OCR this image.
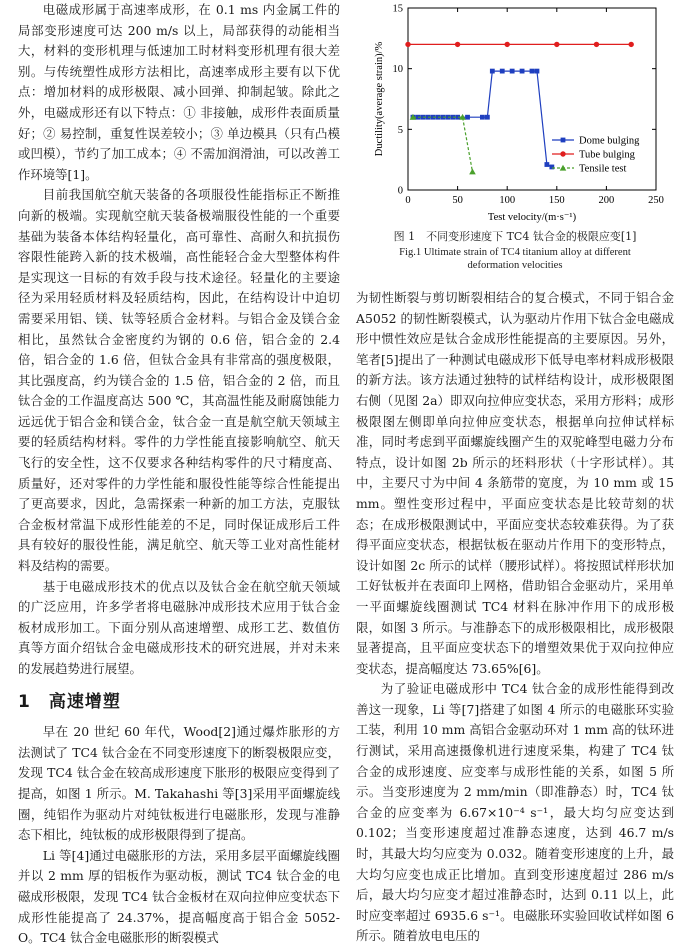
电磁成形属于高速率成形，在 0.1 ms 内金属工件的局部变形速度可达 200 m/s 以上，局部获得的动能相当大，材料的变形机理与低速加工时材料变形机理有很大差别。与传统塑性成形方法相比，高速率成形主要有以下优点：增加材料的成形极限、减小回弹、抑制起皱。除此之外，电磁成形还有以下特点：① 非接触，成形件表面质量好；② 易控制，重复性误差较小；③ 单边模具（只有凸模或凹模），节约了加工成本；④ 不需加润滑油，可以改善工作环境等[1]。

目前我国航空航天装备的各项服役性能指标正不断推向新的极端。实现航空航天装备极端服役性能的一个重要基础为装备本体结构轻量化，高可靠性、高耐久和抗损伤容限性能跨入新的技术极端，高性能轻合金大型整体构件是实现这一目标的有效手段与技术途径。轻量化的主要途径为采用轻质材料及轻质结构，因此，在结构设计中迫切需要采用铝、镁、钛等轻质合金材料。与铝合金及镁合金相比，虽然钛合金密度约为钢的 0.6 倍，铝合金的 2.4 倍，铝合金的 1.6 倍，但钛合金具有非常高的强度极限，其比强度高，约为镁合金的 1.5 倍，铝合金的 2 倍，而且钛合金的工作温度高达 500 ℃，其高温性能及耐腐蚀能力远远优于铝合金和镁合金，钛合金一直是航空航天领域主要的轻质结构材料。零件的力学性能直接影响航空、航天飞行的安全性，这不仅要求各种结构零件的尺寸精度高、质量好，还对零件的力学性能和服役性能等综合性能提出了更高要求，因此，急需探索一种新的加工方法，克服钛合金板材常温下成形性能差的不足，同时保证成形后工件具有较好的服役性能，满足航空、航天等工业对高性能材料及结构的需要。

基于电磁成形技术的优点以及钛合金在航空航天领域的广泛应用，许多学者将电磁脉冲成形技术应用于钛合金板材成形加工。下面分别从高速增塑、成形工艺、数值仿真等方面介绍钛合金电磁成形技术的研究进展，并对未来的发展趋势进行展望。

1 高速增塑

早在 20 世纪 60 年代，Wood[2]通过爆炸胀形的方法测试了 TC4 钛合金在不同变形速度下的断裂极限应变，发现 TC4 钛合金在较高成形速度下胀形的极限应变得到了提高，如图 1 所示。M. Takahashi 等[3]采用平面螺旋线圈，纯铝作为驱动片对纯钛板进行电磁胀形，发现与准静态下相比，纯钛板的成形极限得到了提高。

Li 等[4]通过电磁胀形的方法，采用多层平面螺旋线圈并以 2 mm 厚的铝板作为驱动板，测试 TC4 钛合金的电磁成形极限，发现 TC4 钛合金板材在双向拉伸应变状态下成形性能提高了 24.37%，提高幅度高于铝合金 5052-O。TC4 钛合金电磁胀形的断裂模式

0	50	100	150	200	250
0
5
10
15
Test velocity/(m·s⁻¹)
Ductility(average strain)/%	Dome bulging
Tube bulging
Tensile test
图 1　不同变形速度下 TC4 钛合金的极限应变[1]
Fig.1 Ultimate strain of TC4 titanium alloy at different
deformation velocities

为韧性断裂与剪切断裂相结合的复合模式，不同于铝合金 A5052 的韧性断裂模式，认为驱动片作用下钛合金电磁成形中惯性效应是钛合金成形性能提高的主要原因。另外，笔者[5]提出了一种测试电磁成形下低导电率材料成形极限的新方法。该方法通过独特的试样结构设计，成形极限图右侧（见图 2a）即双向拉伸应变状态，采用方形料；成形极限图左侧即单向拉伸应变状态，根据单向拉伸试样标准，同时考虑到平面螺旋线圈产生的双驼峰型电磁力分布特点，设计如图 2b 所示的坯料形状（十字形试样）。其中，主要尺寸为中间 4 条筋带的宽度，为 10 mm 或 15 mm。塑性变形过程中，平面应变状态是比较苛刻的状态；在成形极限测试中，平面应变状态较难获得。为了获得平面应变状态，根据钛板在驱动片作用下的变形特点，设计如图 2c 所示的试样（腰形试样）。将按照试样形状加工好钛板并在表面印上网格，借助铝合金驱动片，采用单一平面螺旋线圈测试 TC4 材料在脉冲作用下的成形极限，如图 3 所示。与准静态下的成形极限相比，成形极限显著提高，且平面应变状态下的增塑效果优于双向拉伸应变状态，提高幅度达 73.65%[6]。

为了验证电磁成形中 TC4 钛合金的成形性能得到改善这一现象，Li 等[7]搭建了如图 4 所示的电磁胀环实验工装，利用 10 mm 高铝合金驱动环对 1 mm 高的钛环进行测试，采用高速摄像机进行速度采集，构建了 TC4 钛合金的成形速度、应变率与成形性能的关系，如图 5 所示。当变形速度为 2 mm/min（即准静态）时，TC4 钛合金的应变率为 6.67×10⁻⁴ s⁻¹，最大均匀应变达到 0.102；当变形速度超过准静态速度，达到 46.7 m/s 时，其最大均匀应变为 0.032。随着变形速度的上升，最大均匀应变也成正比增加。直到变形速度超过 286 m/s 后，最大均匀应变才超过准静态时，达到 0.11 以上，此时应变率超过 6935.6 s⁻¹。电磁胀环实验回收试样如图 6 所示。随着放电电压的
